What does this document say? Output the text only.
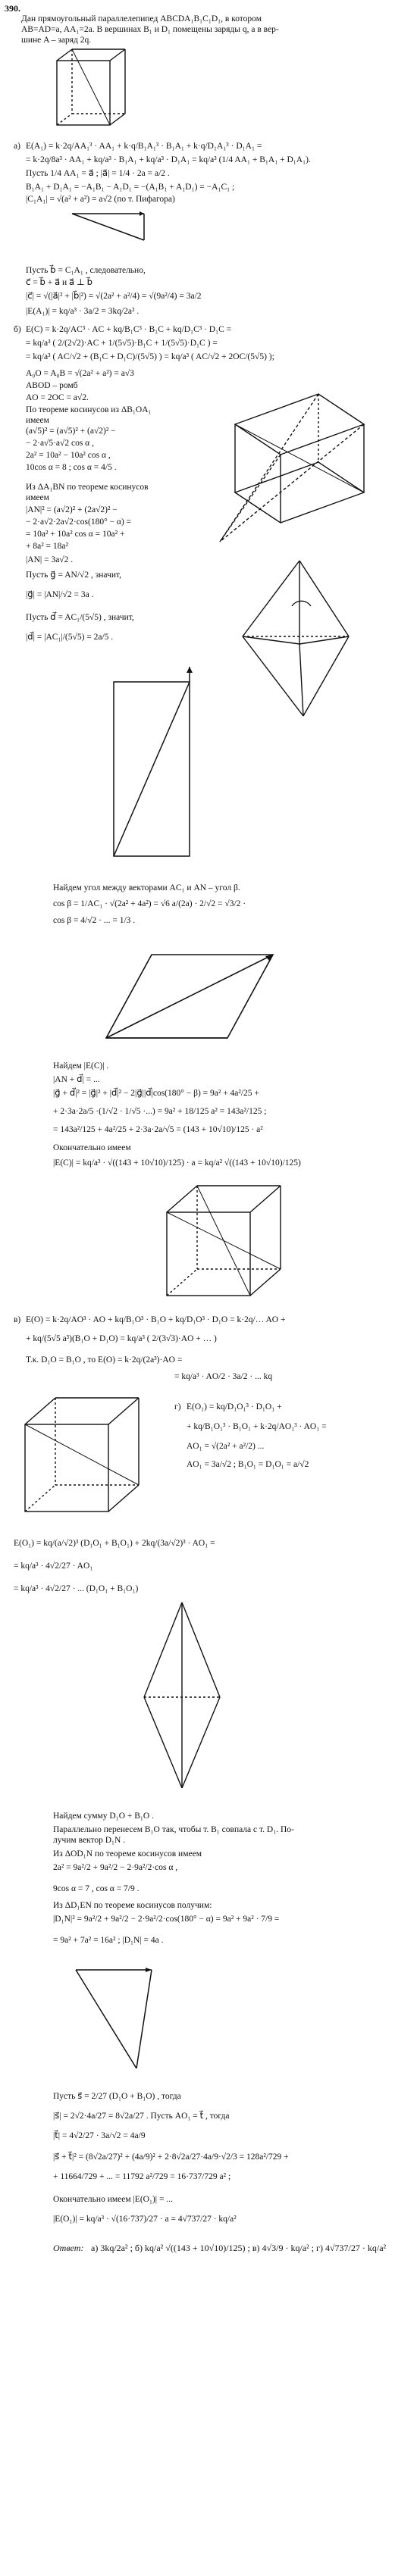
390.
Дан прямоугольный параллелепипед ABCDA₁B₁C₁D₁, в котором
AB=AD=a, AA₁=2a. В вершинах B₁ и D₁ помещены заряды q, а в вер-
шине A – заряд 2q.
а) E(A₁) = k·2q/AA₁³ · AA₁ + k·q/B₁A₁³ · B₁A₁ + k·q/D₁A₁³ · D₁A₁ =
= k·2q/8a³ · AA₁ + kq/a³ · B₁A₁ + kq/a³ · D₁A₁ = kq/a³ (1/4 AA₁ + B₁A₁ + D₁A₁).
Пусть 1/4 AA₁ = a⃗ ; |a⃗| = 1/4 · 2a = a/2 .
B₁A₁ + D₁A₁ = −A₁B₁ − A₁D₁ = −(A₁B₁ + A₁D₁) = −A₁C₁ ;
|C₁A₁| = √(a² + a²) = a√2 (по т. Пифагора)
Пусть b⃗ = C₁A₁ , следовательно,
c⃗ = b⃗ + a⃗ и a⃗ ⊥ b⃗
|c⃗| = √(|a⃗|² + |b⃗|²) = √(2a² + a²/4) = √(9a²/4) = 3a/2
|E(A₁)| = kq/a³ · 3a/2 = 3kq/2a² .
б) E(C) = k·2q/AC³ · AC + kq/B₁C³ · B₁C + kq/D₁C³ · D₁C =
= kq/a³ ( 2/(2√2)·AC + 1/(5√5)·B₁C + 1/(5√5)·D₁C ) =
= kq/a³ ( AC/√2 + (B₁C + D₁C)/(5√5) ) = kq/a³ ( AC/√2 + 2OC/(5√5) );
A₀O = A₀B = √(2a² + a²) = a√3
ABOD – ромб
AO = 2OC = a√2.
По теореме косинусов из ΔB₁OA₁
имеем
(a√5)² = (a√5)² + (a√2)² −
− 2·a√5·a√2 cos α ,
2a² = 10a² − 10a² cos α ,
10cos α = 8 ; cos α = 4/5 .
Из ΔA₁BN по теореме косинусов
имеем
|AN|² = (a√2)² + (2a√2)² −
− 2·a√2·2a√2·cos(180° − α) =
= 10a² + 10a² cos α = 10a² +
+ 8a² = 18a²
|AN| = 3a√2 .
Пусть g⃗ = AN/√2 , значит,
|g⃗| = |AN|/√2 = 3a .
Пусть d⃗ = AC₁/(5√5) , значит,
|d⃗| = |AC₁|/(5√5) = 2a/5 .
Найдем угол между векторами AC₁ и AN – угол β.
cos β = 1/AC₁ · √(2a² + 4a²) = √6 a/(2a) · 2/√2 = √3/2 ·
cos β = 4/√2 · ... = 1/3 .
Найдем |E(C)| .
|AN + d⃗| = ...
|g⃗ + d⃗|² = |g⃗|² + |d⃗|² − 2|g⃗||d⃗|cos(180° − β) = 9a² + 4a²/25 +
+ 2·3a·2a/5 ·(1/√2 · 1/√5 ·...) = 9a² + 18/125 a² = 143a²/125 ;
= 143a²/125 + 4a²/25 + 2·3a·2a/√5 = (143 + 10√10)/125 · a²
Окончательно имеем
|E(C)| = kq/a³ · √((143 + 10√10)/125) · a = kq/a² √((143 + 10√10)/125)
в) E(O) = k·2q/AO³ · AO + kq/B₁O³ · B₁O + kq/D₁O³ · D₁O = k·2q/… AO +
+ kq/(5√5 a³)(B₁O + D₁O) = kq/a³ ( 2/(3√3)·AO + … )
Т.к. D₁O = B₁O , то E(O) = k·2q/(2a³)·AO =
= kq/a³ · AO/2 · 3a/2 · ... kq
г) E(O₁) = kq/D₁O₁³ · D₁O₁ +
+ kq/B₁O₁³ · B₁O₁ + k·2q/AO₁³ · AO₁ =
AO₁ = √(2a² + a²/2) ...
AO₁ = 3a/√2 ; B₁O₁ = D₁O₁ = a/√2
E(O₁) = kq/(a/√2)³ (D₁O₁ + B₁O₁) + 2kq/(3a/√2)³ · AO₁ =
= kq/a³ · 4√2/27 · AO₁
= kq/a³ · 4√2/27 · ... (D₁O₁ + B₁O₁)
Найдем сумму D₁O + B₁O .
Параллельно перенесем B₁O так, чтобы т. B₁ совпала с т. D₁. По-
лучим вектор D₁N .
Из ΔOD₁N по теореме косинусов имеем
2a² = 9a²/2 + 9a²/2 − 2·9a²/2·cos α ,
9cos α = 7 , cos α = 7/9 .
Из ΔD₁EN по теореме косинусов получим:
|D₁N|² = 9a²/2 + 9a²/2 − 2·9a²/2·cos(180° − α) = 9a² + 9a² · 7/9 =
= 9a² + 7a² = 16a² ; |D₁N| = 4a .
Пусть s⃗ = 2/27 (D₁O + B₁O) , тогда
|s⃗| = 2√2·4a/27 = 8√2a/27 . Пусть AO₁ = t⃗ , тогда
|t⃗| = 4√2/27 · 3a/√2 = 4a/9
|s⃗ + t⃗|² = (8√2a/27)² + (4a/9)² + 2·8√2a/27·4a/9·√2/3 = 128a²/729 +
+ 11664/729 + ... = 11792 a²/729 = 16·737/729 a² ;
Окончательно имеем |E(O₁)| = ...
|E(O₁)| = kq/a³ · √(16·737)/27 · a = 4√737/27 · kq/a²
Ответ: а) 3kq/2a² ; б) kq/a² √((143 + 10√10)/125) ; в) 4√3/9 · kq/a² ; г) 4√737/27 · kq/a²
